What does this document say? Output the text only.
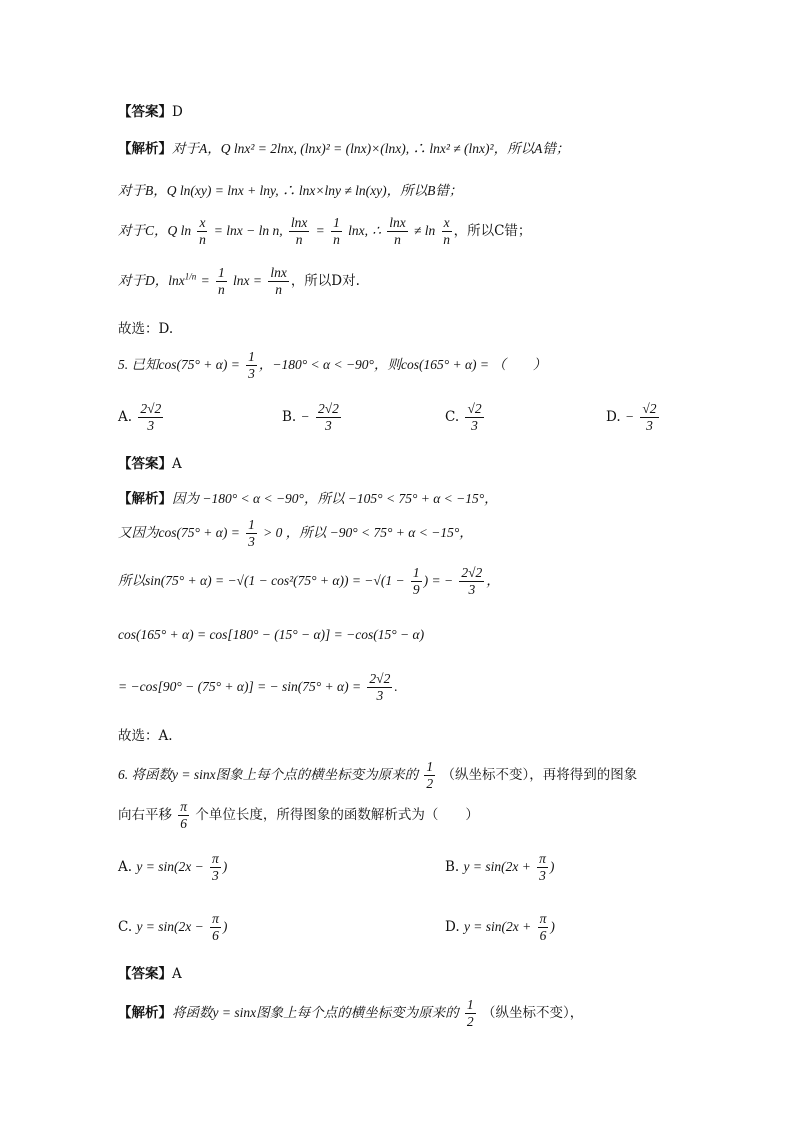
【答案】D
【解析】对于A，Q lnx² = 2lnx, (lnx)² = (lnx)×(lnx), ∴ lnx² ≠ (lnx)²，所以A错；
对于B，Q ln(xy) = lnx + lny, ∴ lnx×lny ≠ ln(xy)，所以B错；
对于C，Q $\ln \frac{x}{n} = \ln x - \ln n$, $\frac{\ln x}{n} = \frac{1}{n} \ln x$, ∴ $\frac{\ln x}{n} \ne \ln \frac{x}{n}$ ，所以C错；
对于D，$\ln x^{1/n} = \frac{1}{n}$ $\ln x = \frac{\ln x}{n}$ ，所以D对.
故选：D.
5. 已知$\cos(75^\circ + \alpha) = \frac{1}{3}$ ，−180° < α < −90°，则cos(165° + α) = （　　）
A. $\frac{2√2}{3}$	B. − $\frac{2√2}{3}$	C. $\frac{√2}{3}$	D. − $\frac{√2}{3}$
【答案】A
【解析】因为 −180° < α < −90°，所以 −105° < 75° + α < −15°，
又因为$\cos(75^\circ + \alpha) = \frac{1}{3} > 0$ ，所以 −90° < 75° + α < −15°，
所以$\sin(75^\circ + \alpha) = -√(1 - \cos^2(75^\circ + \alpha)) = -√(1 - \frac{1}{9}$ ) = − $\frac{2√2}{3}$ ，
cos(165° + α) = cos[180° − (15° − α)] = −cos(15° − α)
= −cos[90° − (75° + α)] = − $\sin(75^\circ + \alpha) = \frac{2√2}{3}$ .
故选：A.
6. 将函数y = sinx图象上每个点的横坐标变为原来的 $\frac{1}{2}$ （纵坐标不变），再将得到的图象
向右平移 $\frac{\pi}{6}$ 个单位长度，所得图象的函数解析式为（　　）
A. $y = \sin(2x - \frac{\pi}{3}$ )	B. $y = \sin(2x + \frac{\pi}{3}$ )
C. $y = \sin(2x - \frac{\pi}{6}$ )	D. $y = \sin(2x + \frac{\pi}{6}$ )
【答案】A
【解析】将函数y = sinx图象上每个点的横坐标变为原来的 $\frac{1}{2}$ （纵坐标不变），
